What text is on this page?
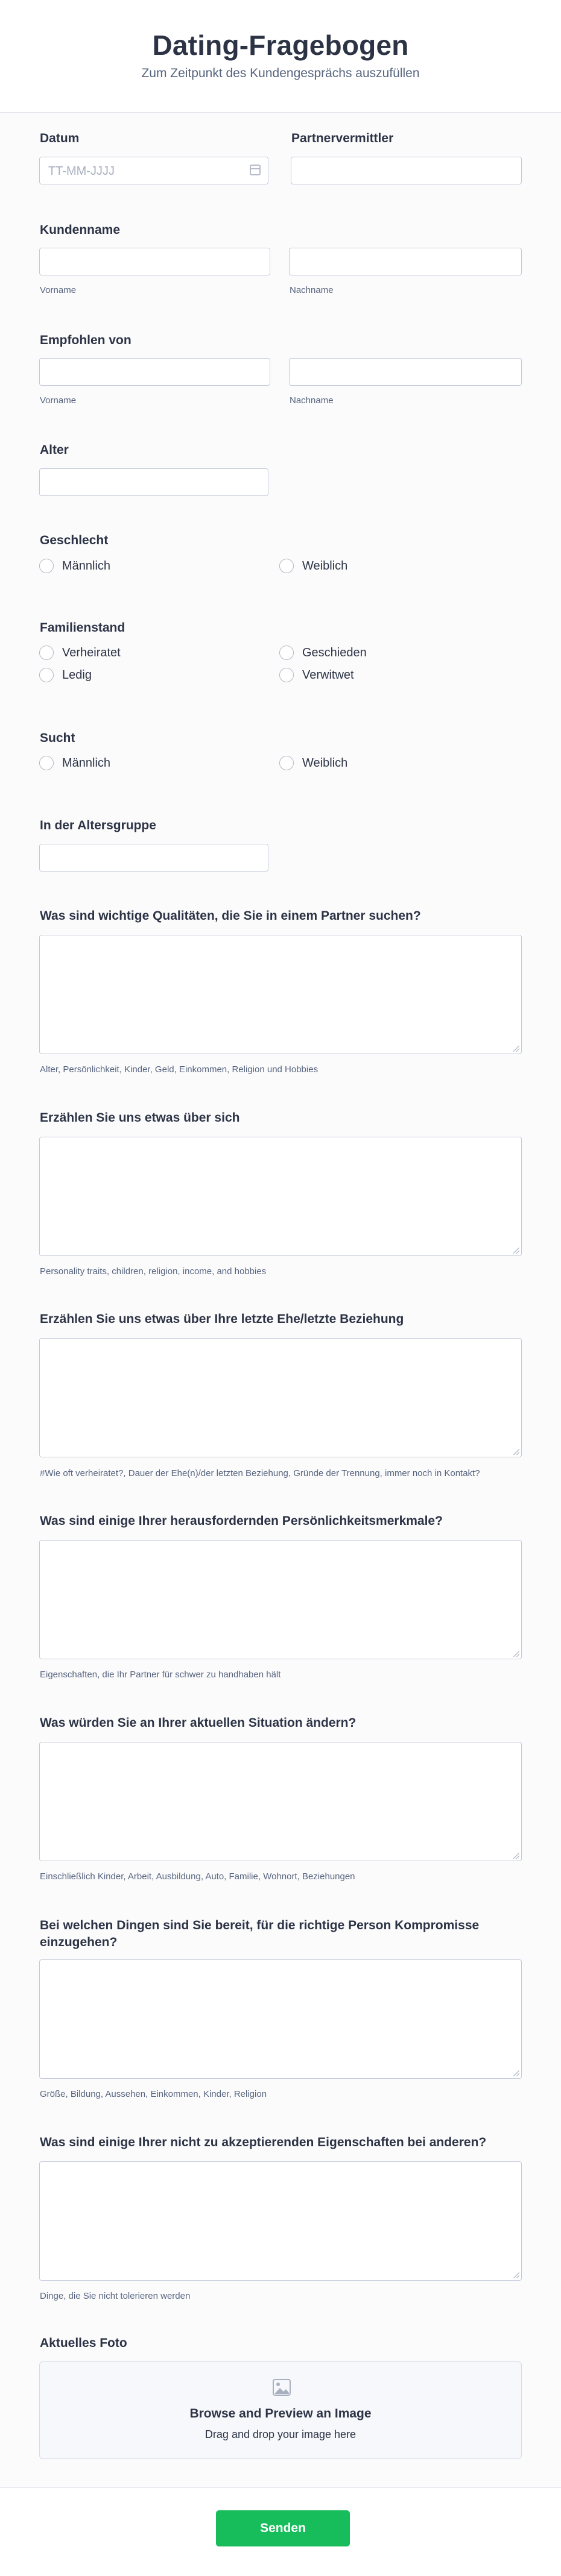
Dating-Fragebogen
Zum Zeitpunkt des Kundengesprächs auszufüllen
Datum
TT-MM-JJJJ
Partnervermittler
Kundenname
Vorname	Nachname
Empfohlen von
Vorname	Nachname
Alter
Geschlecht
Männlich	Weiblich
Familienstand
Verheiratet	Geschieden
Ledig	Verwitwet
Sucht
Männlich	Weiblich
In der Altersgruppe
Was sind wichtige Qualitäten, die Sie in einem Partner suchen?
Alter, Persönlichkeit, Kinder, Geld, Einkommen, Religion und Hobbies
Erzählen Sie uns etwas über sich
Personality traits, children, religion, income, and hobbies
Erzählen Sie uns etwas über Ihre letzte Ehe/letzte Beziehung
#Wie oft verheiratet?, Dauer der Ehe(n)/der letzten Beziehung, Gründe der Trennung, immer noch in Kontakt?
Was sind einige Ihrer herausfordernden Persönlichkeitsmerkmale?
Eigenschaften, die Ihr Partner für schwer zu handhaben hält
Was würden Sie an Ihrer aktuellen Situation ändern?
Einschließlich Kinder, Arbeit, Ausbildung, Auto, Familie, Wohnort, Beziehungen
Bei welchen Dingen sind Sie bereit, für die richtige Person Kompromisse einzugehen?
Größe, Bildung, Aussehen, Einkommen, Kinder, Religion
Was sind einige Ihrer nicht zu akzeptierenden Eigenschaften bei anderen?
Dinge, die Sie nicht tolerieren werden
Aktuelles Foto
Browse and Preview an Image
Drag and drop your image here
Senden
